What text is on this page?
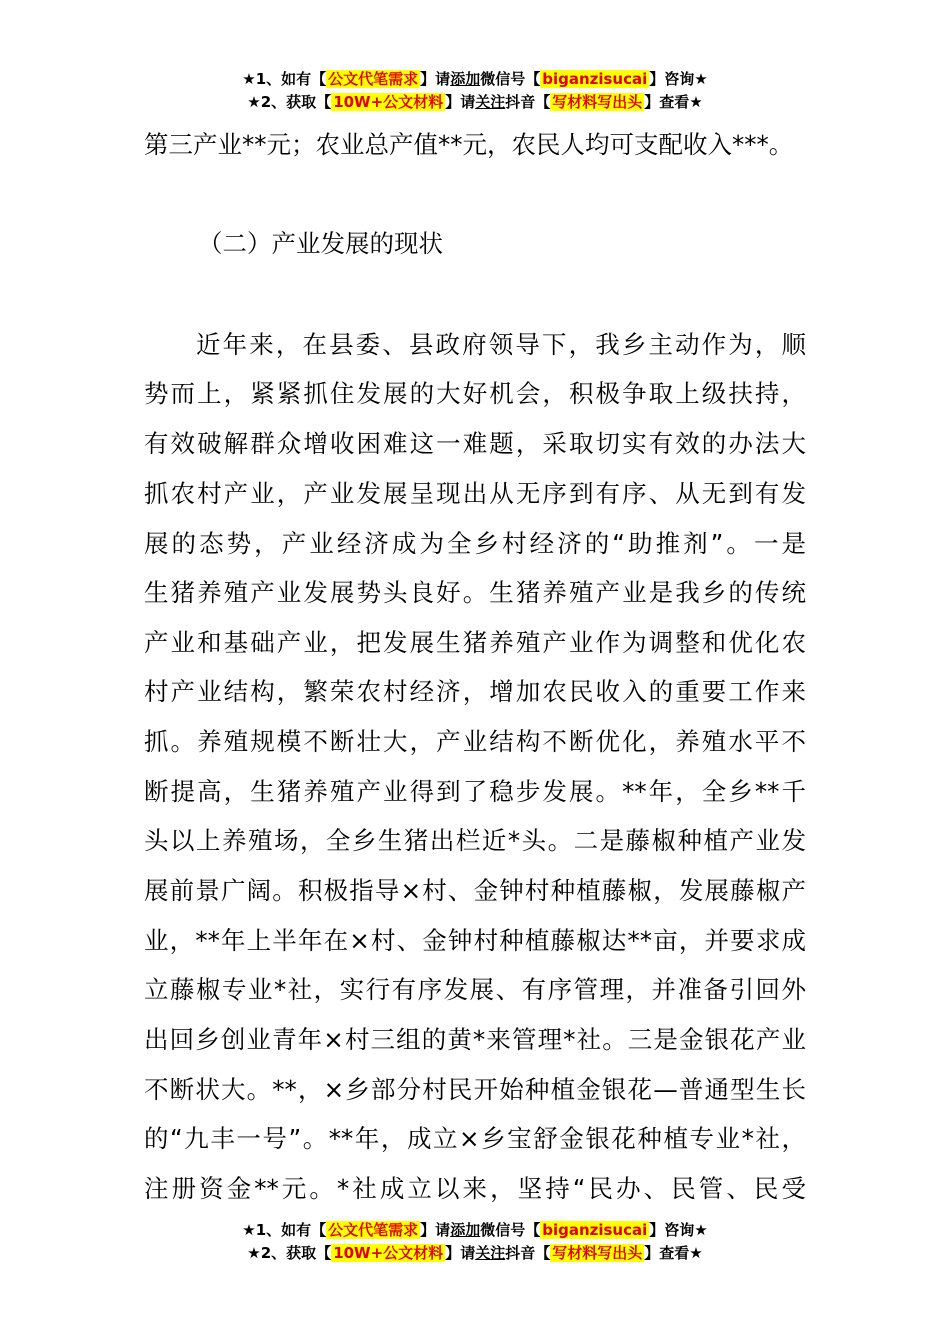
★1、如有【 公文代笔需求 】请添加微信号【 biganzisucai 】咨询★
★2、获取【 10W+公文材料 】请关注抖音【 写材料写出头 】查看★
第三产业**元；农业总产值**元，农民人均可支配收入***。
（二）产业发展的现状
近年来，在县委、县政府领导下，我乡主动作为，顺
势而上，紧紧抓住发展的大好机会，积极争取上级扶持，
有效破解群众增收困难这一难题，采取切实有效的办法大
抓农村产业，产业发展呈现出从无序到有序、从无到有发
展的态势，产业经济成为全乡村经济的“助推剂”。一是
生猪养殖产业发展势头良好。生猪养殖产业是我乡的传统
产业和基础产业，把发展生猪养殖产业作为调整和优化农
村产业结构，繁荣农村经济，增加农民收入的重要工作来
抓。养殖规模不断壮大，产业结构不断优化，养殖水平不
断提高，生猪养殖产业得到了稳步发展。**年，全乡**千
头以上养殖场，全乡生猪出栏近*头。二是藤椒种植产业发
展前景广阔。积极指导×村、金钟村种植藤椒，发展藤椒产
业，**年上半年在×村、金钟村种植藤椒达**亩，并要求成
立藤椒专业*社，实行有序发展、有序管理，并准备引回外
出回乡创业青年×村三组的黄*来管理*社。三是金银花产业
不断状大。**，×乡部分村民开始种植金银花—普通型生长
的“九丰一号”。**年，成立×乡宝舒金银花种植专业*社，
注册资金**元。*社成立以来，坚持“民办、民管、民受
★1、如有【 公文代笔需求 】请添加微信号【 biganzisucai 】咨询★
★2、获取【 10W+公文材料 】请关注抖音【 写材料写出头 】查看★
